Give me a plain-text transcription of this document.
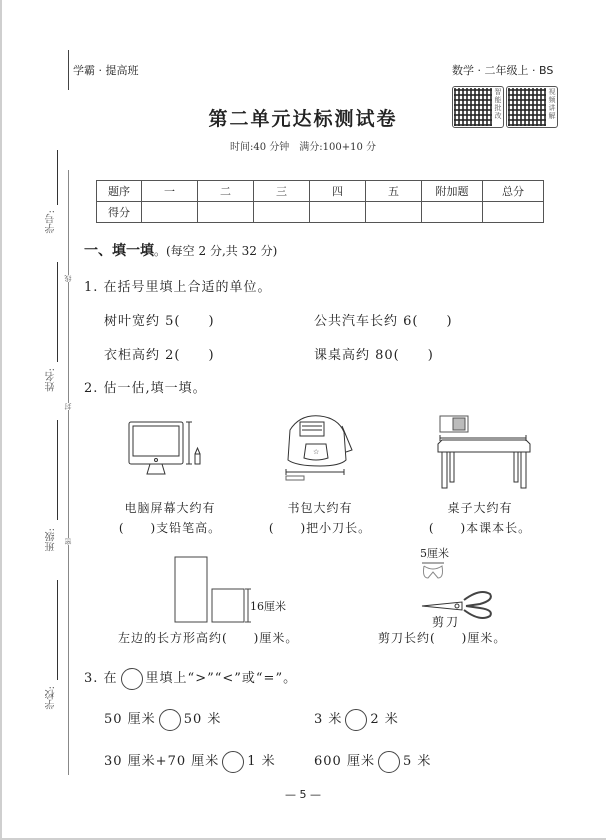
学霸 · 提高班	数学 · 二年级上 · BS
智能批改
视频讲解
第二单元达标测试卷
时间:40 分钟　满分:100+10 分
题序	一	二	三	四	五	附加题	总分
得分							
学号:
姓名:
班级:
学校:
线
封
密
一、填一填。(每空 2 分,共 32 分)
1. 在括号里填上合适的单位。
树叶宽约 5(　　)	公共汽车长约 6(　　)
衣柜高约 2(　　)	课桌高约 80(　　)
2. 估一估,填一填。
电脑屏幕大约有
(　　)支铅笔高。
☆
书包大约有
(　　)把小刀长。
桌子大约有
(　　)本课本长。
16厘米
左边的长方形高约(　　)厘米。
5厘米
剪刀
剪刀长约(　　)厘米。
3. 在 里填上“>”“<”或“=”。
50 厘米 50 米	3 米 2 米
30 厘米+70 厘米 1 米	600 厘米 5 米
— 5 —
